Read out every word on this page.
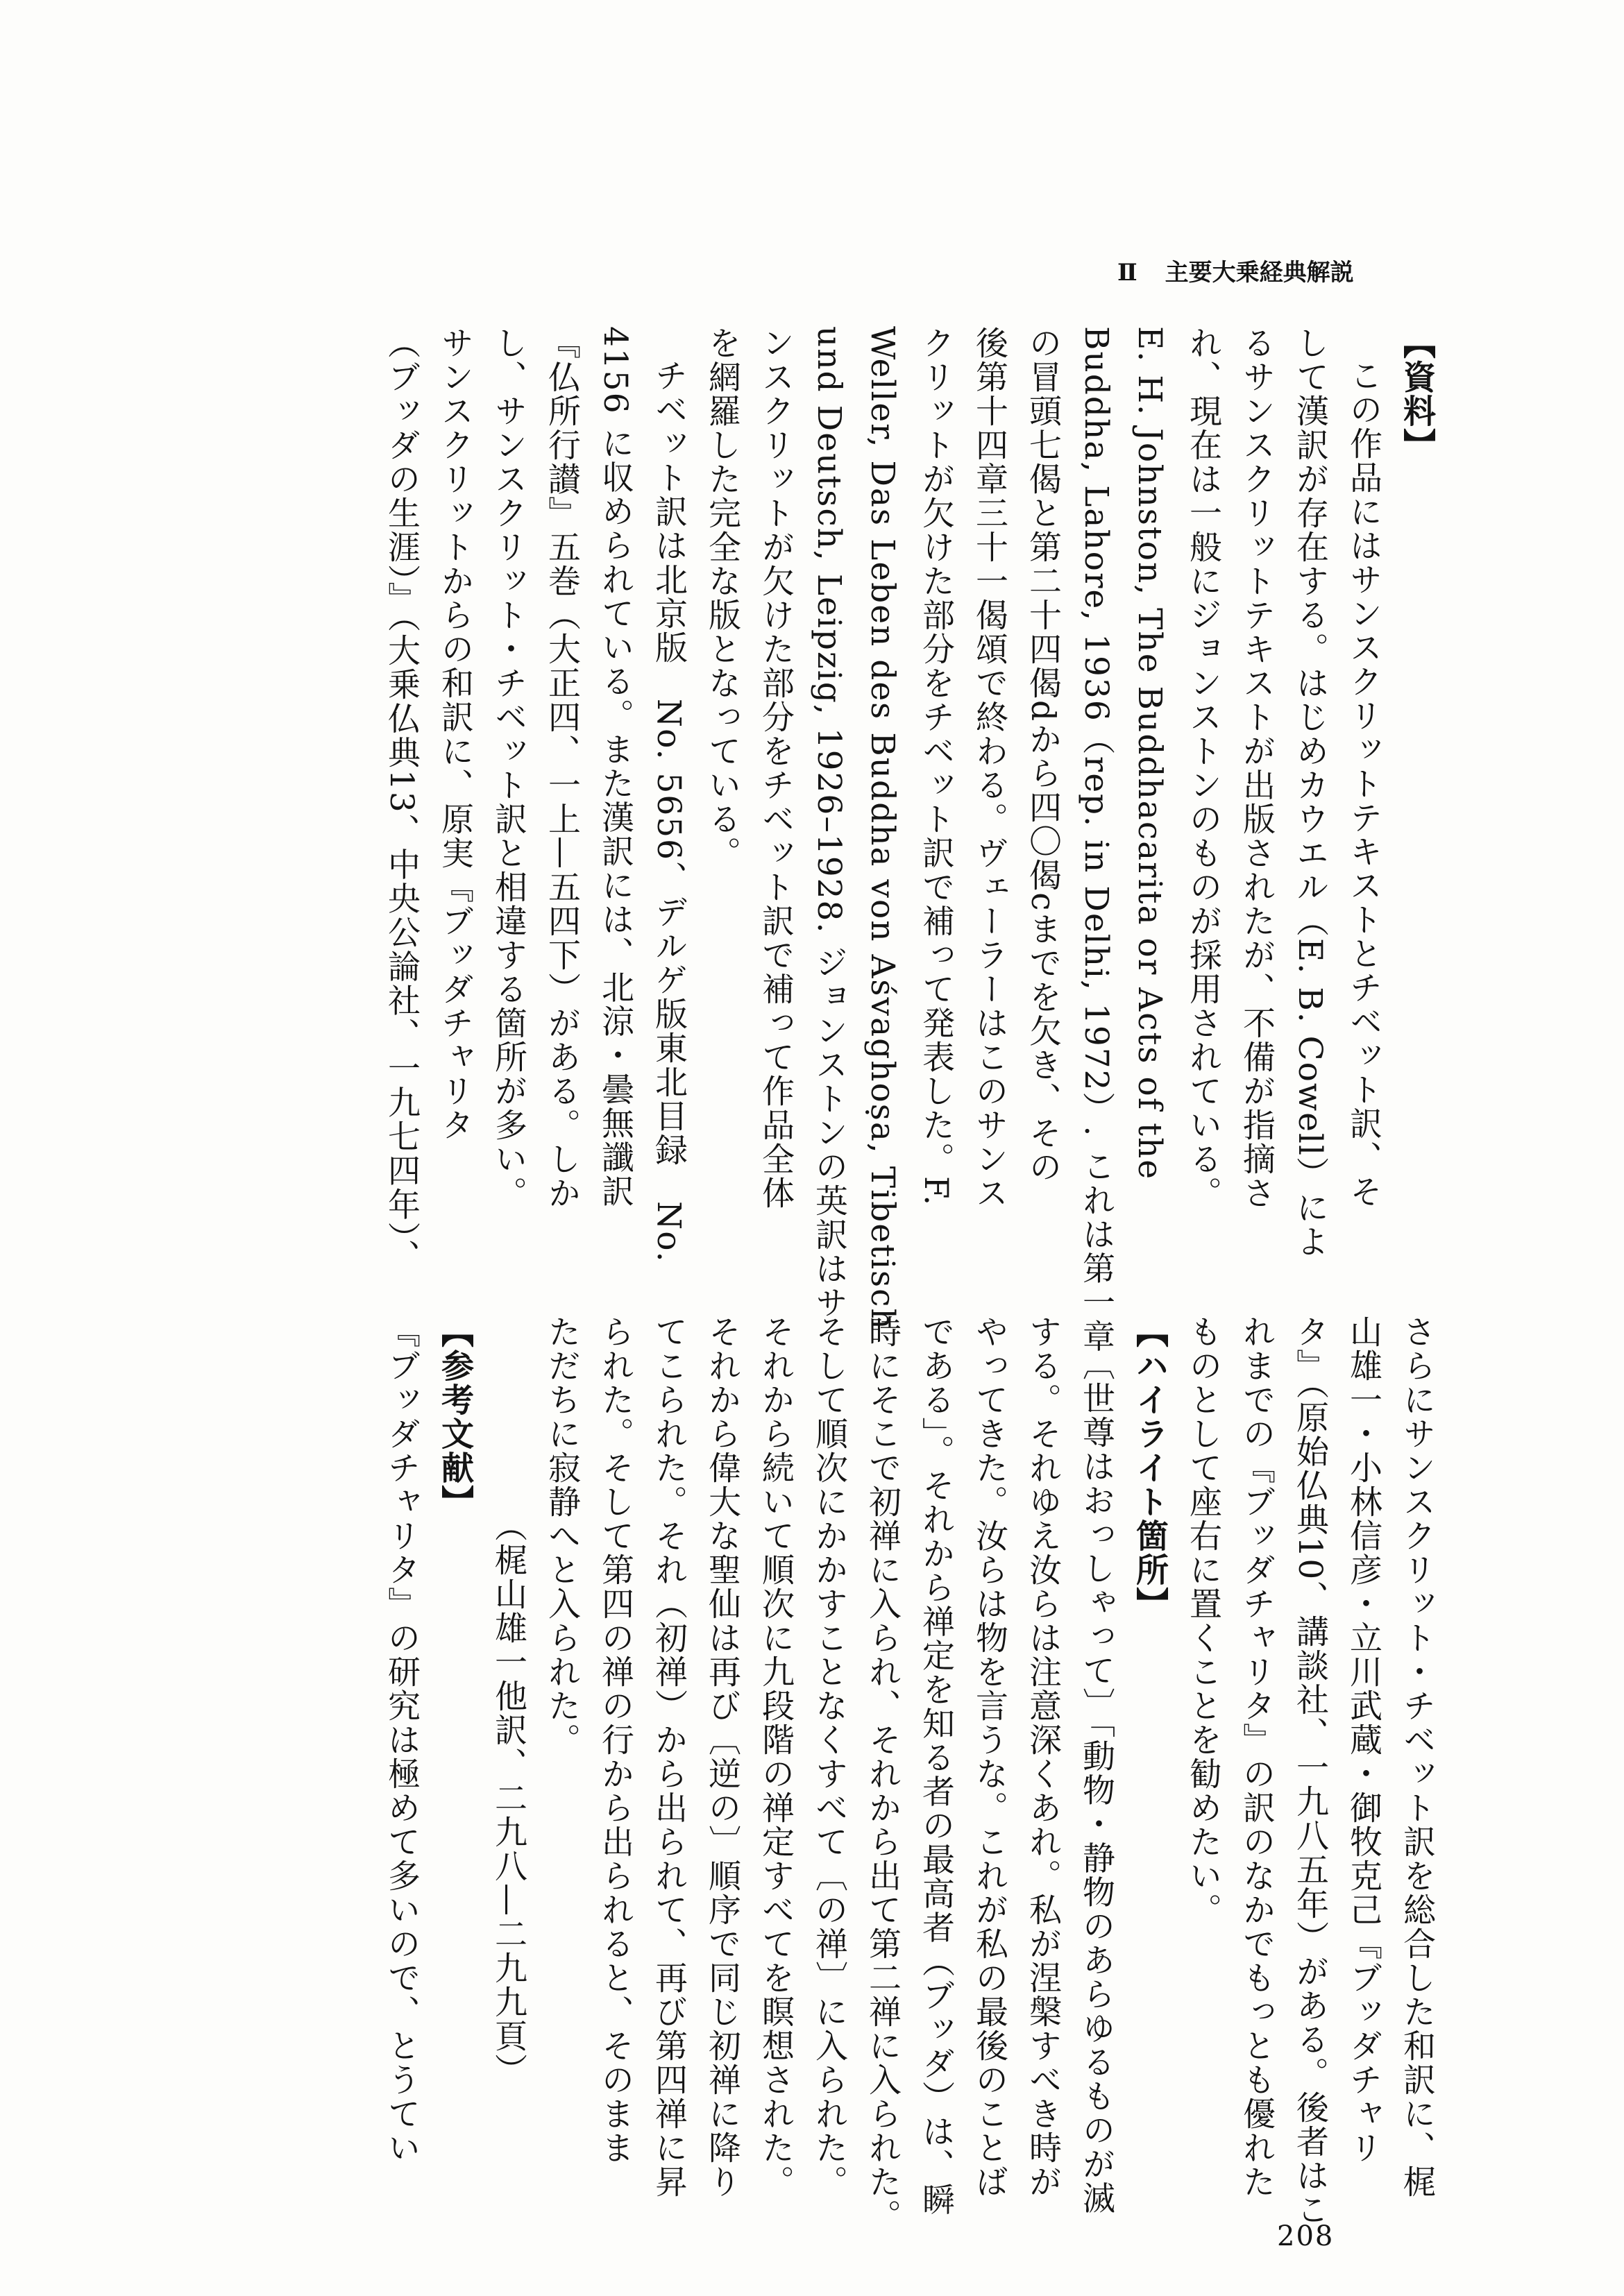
Ⅱ 主要大乗経典解説
【資料】
この作品にはサンスクリットテキストとチベット訳、そ
して漢訳が存在する。はじめカウエル（E. B. Cowell）によ
るサンスクリットテキストが出版されたが、不備が指摘さ
れ、現在は一般にジョンストンのものが採用されている。
E. H. Johnston, The Buddhacarita or Acts of the
Buddha, Lahore, 1936（rep. in Delhi, 1972）. これは第一章
の冒頭七偈と第二十四偈dから四〇偈cまでを欠き、その
後第十四章三十一偈頌で終わる。ヴェーラーはこのサンス
クリットが欠けた部分をチベット訳で補って発表した。F.
Weller, Das Leben des Buddha von Aśvaghoṣa, Tibetisch
und Deutsch, Leipzig, 1926–1928. ジョンストンの英訳はサ
ンスクリットが欠けた部分をチベット訳で補って作品全体
を網羅した完全な版となっている。
チベット訳は北京版　No. 5656、デルゲ版東北目録　No.
4156 に収められている。また漢訳には、北涼・曇無讖訳
『仏所行讃』五巻（大正四、一上—五四下）がある。しか
し、サンスクリット・チベット訳と相違する箇所が多い。
サンスクリットからの和訳に、原実『ブッダチャリタ
（ブッダの生涯）』（大乗仏典13、中央公論社、一九七四年）、
さらにサンスクリット・チベット訳を総合した和訳に、梶
山雄一・小林信彦・立川武蔵・御牧克己『ブッダチャリ
タ』（原始仏典10、講談社、一九八五年）がある。後者はこ
れまでの『ブッダチャリタ』の訳のなかでもっとも優れた
ものとして座右に置くことを勧めたい。
【ハイライト箇所】
〔世尊はおっしゃって〕「動物・静物のあらゆるものが滅
する。それゆえ汝らは注意深くあれ。私が涅槃すべき時が
やってきた。汝らは物を言うな。これが私の最後のことば
である」。それから禅定を知る者の最高者（ブッダ）は、瞬
時にそこで初禅に入られ、それから出て第二禅に入られた。
そして順次にかかすことなくすべて〔の禅〕に入られた。
それから続いて順次に九段階の禅定すべてを瞑想された。
それから偉大な聖仙は再び〔逆の〕順序で同じ初禅に降り
てこられた。それ（初禅）から出られて、再び第四禅に昇
られた。そして第四の禅の行から出られると、そのまま
ただちに寂静へと入られた。
（梶山雄一他訳、二九八—二九九頁）
【参考文献】
『ブッダチャリタ』の研究は極めて多いので、とうてい
208
